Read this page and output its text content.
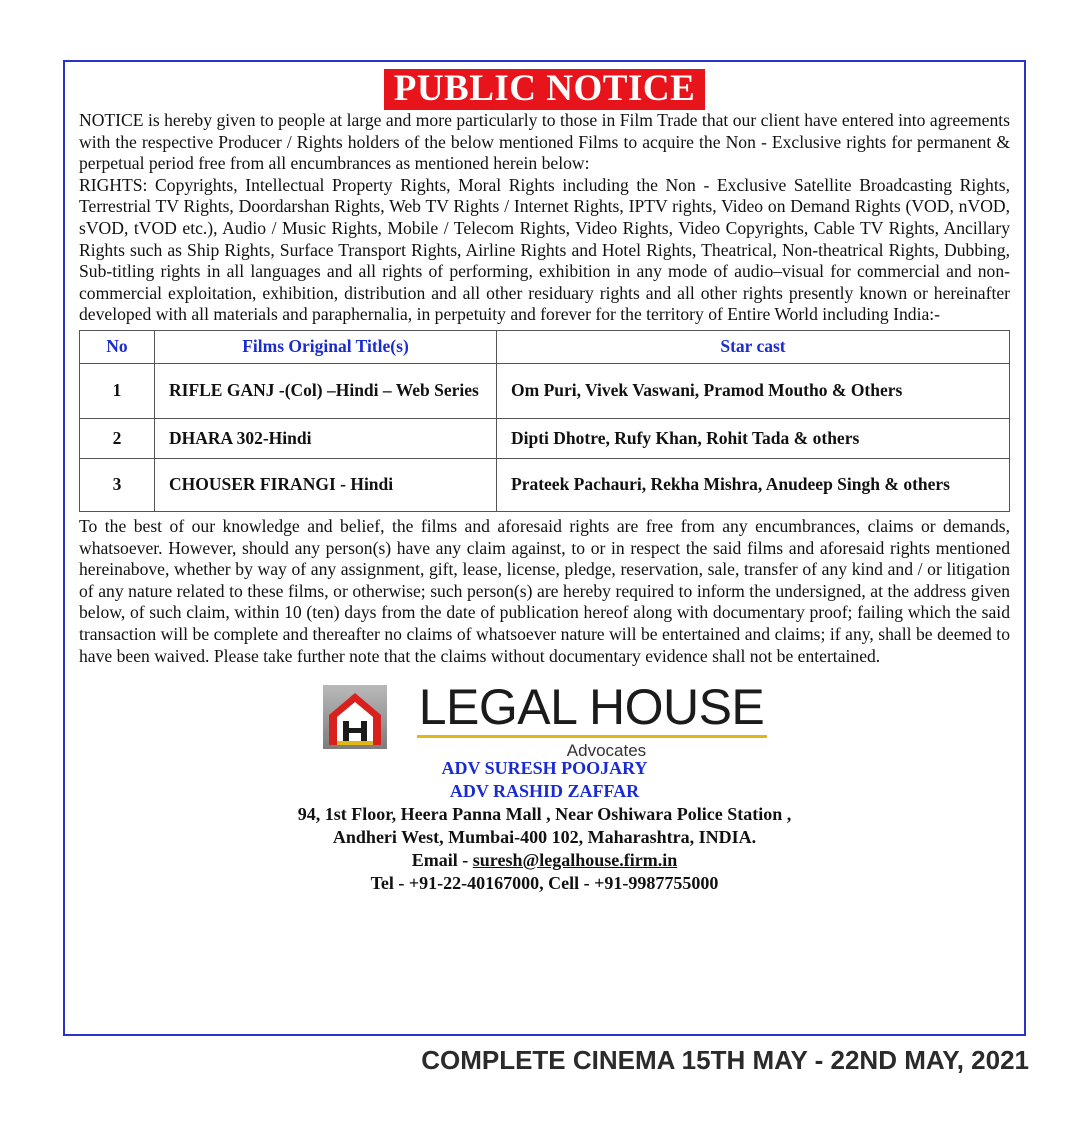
PUBLIC NOTICE

NOTICE is hereby given to people at large and more particularly to those in Film Trade that our client have entered into agreements with the respective Producer / Rights holders of the below mentioned Films to acquire the Non - Exclusive rights for permanent & perpetual period free from all encumbrances as mentioned herein below:

RIGHTS: Copyrights, Intellectual Property Rights, Moral Rights including the Non - Exclusive Satellite Broadcasting Rights, Terrestrial TV Rights, Doordarshan Rights, Web TV Rights / Internet Rights, IPTV rights, Video on Demand Rights (VOD, nVOD, sVOD, tVOD etc.), Audio / Music Rights, Mobile / Telecom Rights, Video Rights, Video Copyrights, Cable TV Rights, Ancillary Rights such as Ship Rights, Surface Transport Rights, Airline Rights and Hotel Rights, Theatrical, Non-theatrical Rights, Dubbing, Sub-titling rights in all languages and all rights of performing, exhibition in any mode of audio–visual for commercial and non-commercial exploitation, exhibition, distribution and all other residuary rights and all other rights presently known or hereinafter developed with all materials and paraphernalia, in perpetuity and forever for the territory of Entire World including India:-

No	Films Original Title(s)	Star cast
1	RIFLE GANJ -(Col) –Hindi – Web Series	Om Puri, Vivek Vaswani, Pramod Moutho & Others
2	DHARA 302-Hindi	Dipti Dhotre, Rufy Khan, Rohit Tada & others
3	CHOUSER FIRANGI - Hindi	Prateek Pachauri, Rekha Mishra, Anudeep Singh & others

To the best of our knowledge and belief, the films and aforesaid rights are free from any encumbrances, claims or demands, whatsoever. However, should any person(s) have any claim against, to or in respect the said films and aforesaid rights mentioned hereinabove, whether by way of any assignment, gift, lease, license, pledge, reservation, sale, transfer of any kind and / or litigation of any nature related to these films, or otherwise; such person(s) are hereby required to inform the undersigned, at the address given below, of such claim, within 10 (ten) days from the date of publication hereof along with documentary proof; failing which the said transaction will be complete and thereafter no claims of whatsoever nature will be entertained and claims; if any, shall be deemed to have been waived. Please take further note that the claims without documentary evidence shall not be entertained.

LEGAL HOUSE
Advocates
ADV SURESH POOJARY
ADV RASHID ZAFFAR
94, 1st Floor, Heera Panna Mall , Near Oshiwara Police Station ,
Andheri West, Mumbai-400 102, Maharashtra, INDIA.
Email - suresh@legalhouse.firm.in
Tel - +91-22-40167000, Cell - +91-9987755000
COMPLETE CINEMA 15TH MAY - 22ND MAY, 2021
